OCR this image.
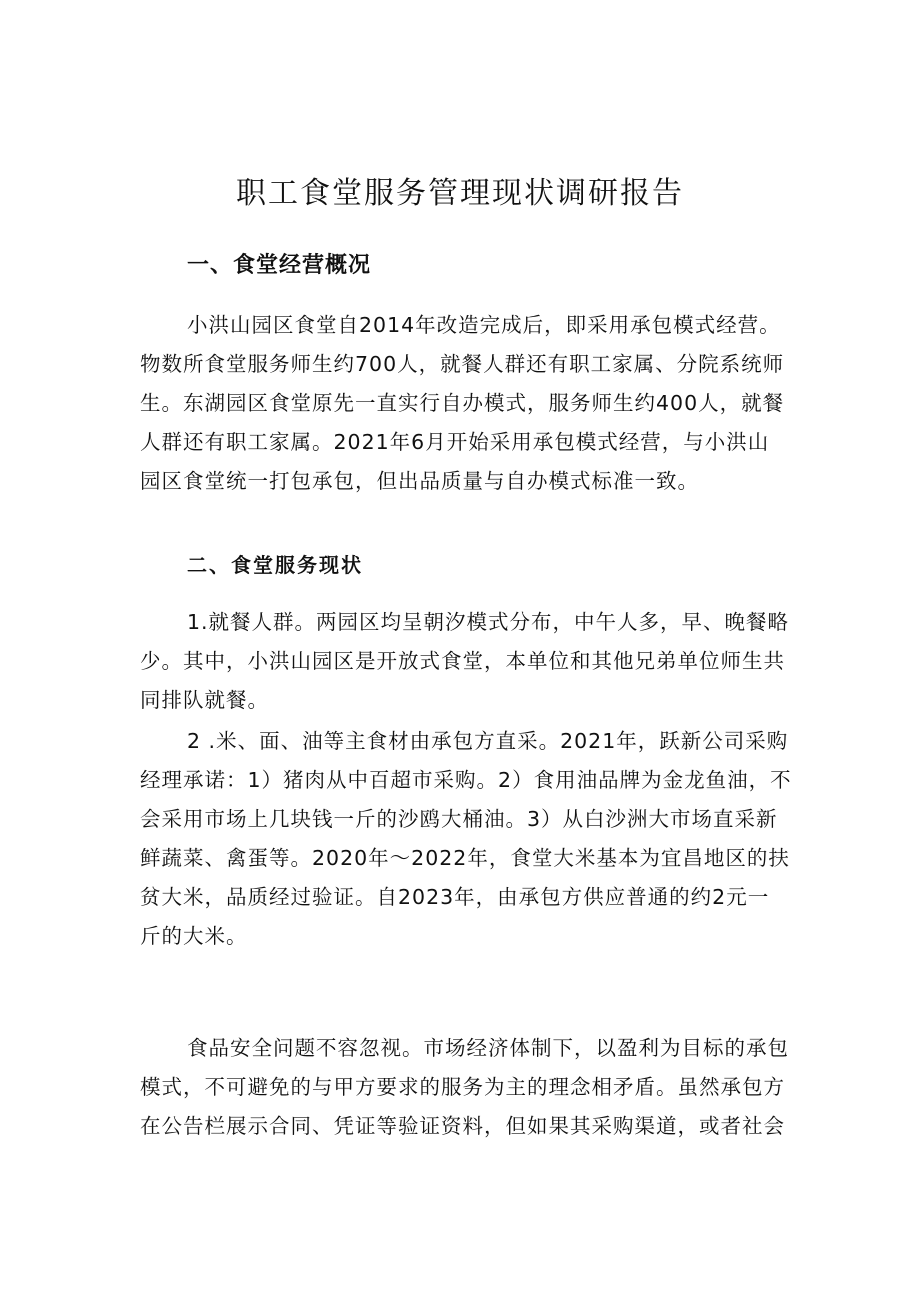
职工食堂服务管理现状调研报告
一、食堂经营概况

小洪山园区食堂自2014年改造完成后，即采用承包模式经营。
物数所食堂服务师生约700人，就餐人群还有职工家属、分院系统师
生。东湖园区食堂原先一直实行自办模式，服务师生约400人，就餐
人群还有职工家属。2021年6月开始采用承包模式经营，与小洪山
园区食堂统一打包承包，但出品质量与自办模式标准一致。

二、食堂服务现状

1.就餐人群。两园区均呈朝汐模式分布，中午人多，早、晚餐略
少。其中，小洪山园区是开放式食堂，本单位和其他兄弟单位师生共
同排队就餐。

2 .米、面、油等主食材由承包方直采。2021年，跃新公司采购
经理承诺：1）猪肉从中百超市采购。2）食用油品牌为金龙鱼油，不
会采用市场上几块钱一斤的沙鸥大桶油。3）从白沙洲大市场直采新
鲜蔬菜、禽蛋等。2020年～2022年，食堂大米基本为宜昌地区的扶
贫大米，品质经过验证。自2023年，由承包方供应普通的约2元一
斤的大米。

食品安全问题不容忽视。市场经济体制下，以盈利为目标的承包
模式，不可避免的与甲方要求的服务为主的理念相矛盾。虽然承包方
在公告栏展示合同、凭证等验证资料，但如果其采购渠道，或者社会
